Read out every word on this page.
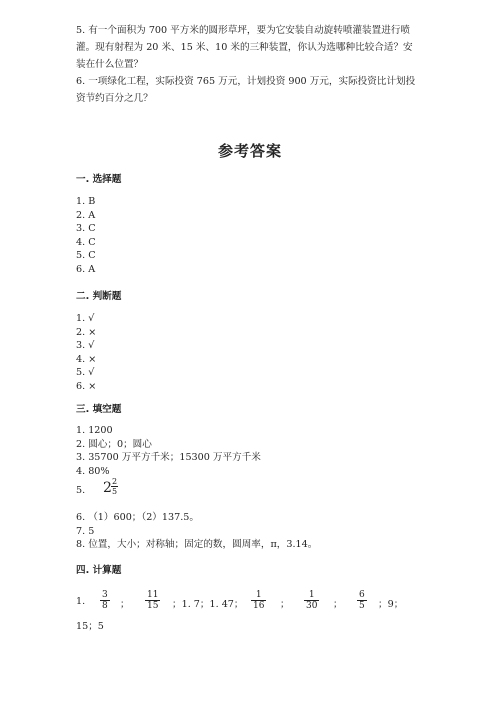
5. 有一个面积为 700 平方米的圆形草坪，要为它安装自动旋转喷灌装置进行喷
灌。现有射程为 20 米、15 米、10 米的三种装置，你认为选哪种比较合适？安
装在什么位置？
6. 一项绿化工程，实际投资 765 万元，计划投资 900 万元，实际投资比计划投
资节约百分之几？
参考答案
一. 选择题
1. B
2. A
3. C
4. C
5. C
6. A
二. 判断题
1. √
2. ×
3. √
4. ×
5. √
6. ×
三. 填空题
1. 1200
2. 圆心；0；圆心
3. 35700 万平方千米；15300 万平方千米
4. 80%
5. $2 \frac{2}{5}$
6. （1）600；（2）137.5。
7. 5
8. 位置，大小；对称轴；固定的数，圆周率，π，3.14。
四. 计算题
1. $\frac{3}{8}$ ； $\frac{11}{15}$ ；1. 7；1. 47； $\frac{1}{16}$ ； $\frac{1}{30}$ ； $\frac{6}{5}$ ；9；
15；5
